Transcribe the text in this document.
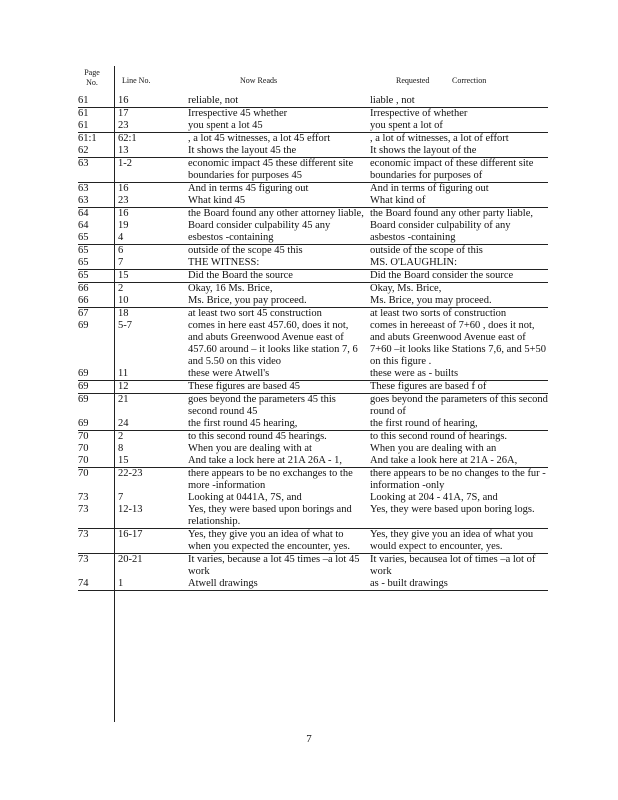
Page No.	Line No.	Now Reads	Requested	Correction
61	16	reliable, not	liable , not
61	17	Irrespective 45 whether	Irrespective of whether
61	23	you spent a lot 45	you spent a lot of
61:1	62:1	, a lot 45 witnesses, a lot 45 effort	, a lot of witnesses, a lot of effort
62	13	It shows the layout 45 the	It shows the layout of the
63	1-2	economic impact 45 these different site boundaries for purposes 45	economic impact of these different site boundaries for purposes of
63	16	And in terms 45 figuring out	And in terms of figuring out
63	23	What kind 45	What kind of
64	16	the Board found any other attorney liable,	the Board found any other party liable,
64	19	Board consider culpability 45 any	Board consider culpability of any
65	4	esbestos -containing	asbestos -containing
65	6	outside of the scope 45 this	outside of the scope of this
65	7	THE WITNESS:	MS. O'LAUGHLIN:
65	15	Did the Board the source	Did the Board consider the source
66	2	Okay, 16 Ms. Brice,	Okay, Ms. Brice,
66	10	Ms. Brice, you pay proceed.	Ms. Brice, you may proceed.
67	18	at least two sort 45 construction	at least two sorts of construction
69	5-7	comes in here east 457.60, does it not, and abuts Greenwood Avenue east of 457.60 around – it looks like station 7, 6 and 5.50 on this video	comes in hereeast of 7+60 , does it not, and abuts Greenwood Avenue east of 7+60 –it looks like Stations 7,6, and 5+50 on this figure .
69	11	these were Atwell's	these were as - builts
69	12	These figures are based 45	These figures are based f of
69	21	goes beyond the parameters 45 this second round 45	goes beyond the parameters of this second round of
69	24	the first round 45 hearing,	the first round of hearing,
70	2	to this second round 45 hearings.	to this second round of hearings.
70	8	When you are dealing with at	When you are dealing with an
70	15	And take a lock here at 21A 26A - 1,	And take a look here at 21A - 26A,
70	22-23	there appears to be no exchanges to the more -information	there appears to be no changes to the fur -information -only
73	7	Looking at 0441A, 7S, and	Looking at 204 - 41A, 7S, and
73	12-13	Yes, they were based upon borings and relationship.	Yes, they were based upon boring logs.
73	16-17	Yes, they give you an idea of what to when you expected the encounter, yes.	Yes, they give you an idea of what you would expect to encounter, yes.
73	20-21	It varies, because a lot 45 times –a lot 45 work	It varies, becausea lot of times –a lot of work
74	1	Atwell drawings	as - built drawings
7
